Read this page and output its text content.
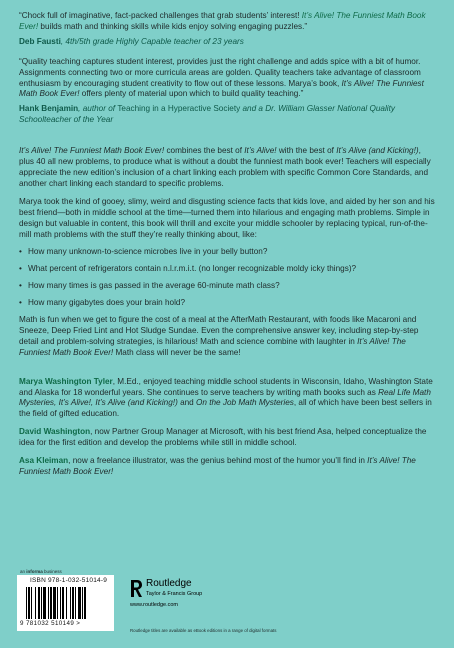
“Chock full of imaginative, fact-packed challenges that grab students’ interest! It’s Alive! The Funniest Math Book Ever! builds math and thinking skills while kids enjoy solving engaging puzzles.”

Deb Fausti, 4th/5th grade Highly Capable teacher of 23 years

“Quality teaching captures student interest, provides just the right challenge and adds spice with a bit of humor. Assignments connecting two or more curricula areas are golden. Quality teachers take advantage of classroom enthusiasm by encouraging student creativity to flow out of these lessons. Marya’s book, It’s Alive! The Funniest Math Book Ever! offers plenty of material upon which to build quality teaching.”

Hank Benjamin, author of Teaching in a Hyperactive Society and a Dr. William Glasser National Quality Schoolteacher of the Year

It’s Alive! The Funniest Math Book Ever! combines the best of It’s Alive! with the best of It’s Alive (and Kicking!), plus 40 all new problems, to produce what is without a doubt the funniest math book ever! Teachers will especially appreciate the new edition’s inclusion of a chart linking each problem with specific Common Core Standards, and another chart linking each standard to specific problems.

Marya took the kind of gooey, slimy, weird and disgusting science facts that kids love, and aided by her son and his best friend—both in middle school at the time—turned them into hilarious and engaging math problems. Simple in design but valuable in content, this book will thrill and excite your middle schooler by replacing typical, run-of-the-mill math problems with the stuff they’re really thinking about, like:

• How many unknown-to-science microbes live in your belly button?
• What percent of refrigerators contain n.l.r.m.i.t. (no longer recognizable moldy icky things)?
• How many times is gas passed in the average 60-minute math class?
• How many gigabytes does your brain hold?

Math is fun when we get to figure the cost of a meal at the AfterMath Restaurant, with foods like Macaroni and Sneeze, Deep Fried Lint and Hot Sludge Sundae. Even the comprehensive answer key, including step-by-step detail and problem-solving strategies, is hilarious! Math and science combine with laughter in It’s Alive! The Funniest Math Book Ever! Math class will never be the same!

Marya Washington Tyler, M.Ed., enjoyed teaching middle school students in Wisconsin, Idaho, Washington State and Alaska for 18 wonderful years. She continues to serve teachers by writing math books such as Real Life Math Mysteries, It’s Alive!, It’s Alive (and Kicking!) and On the Job Math Mysteries, all of which have been best sellers in the field of gifted education.

David Washington, now Partner Group Manager at Microsoft, with his best friend Asa, helped conceptualize the idea for the first edition and develop the problems while still in middle school.

Asa Kleiman, now a freelance illustrator, was the genius behind most of the humor you’ll find in It’s Alive! The Funniest Math Book Ever!

an informa business
ISBN 978-1-032-51014-9
9 781032 510149 >
Routledge
Taylor & Francis Group
www.routledge.com
Routledge titles are available as eBook editions in a range of digital formats
